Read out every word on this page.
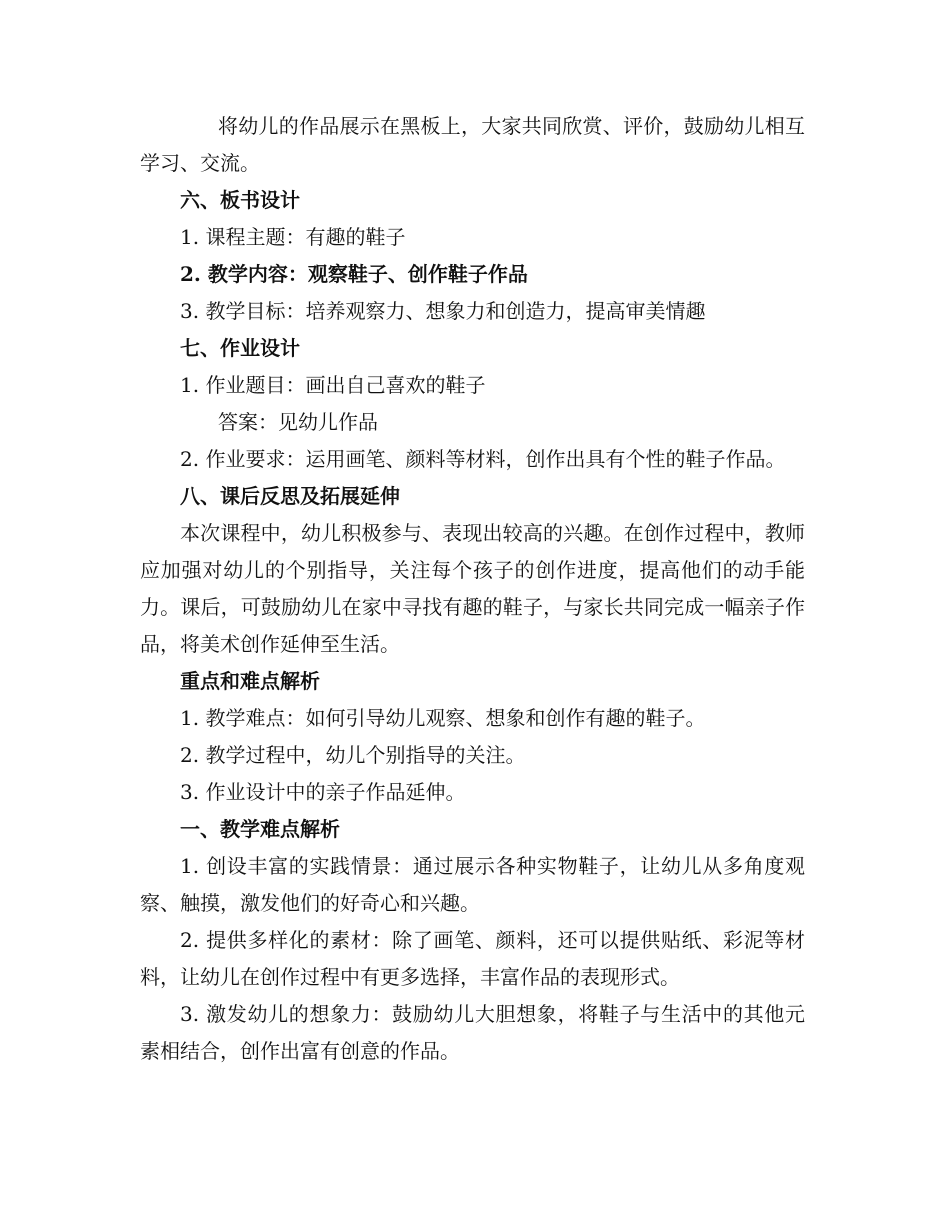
将幼儿的作品展示在黑板上，大家共同欣赏、评价，鼓励幼儿相互学习、交流。

六、板书设计

1. 课程主题：有趣的鞋子

2. 教学内容：观察鞋子、创作鞋子作品

3. 教学目标：培养观察力、想象力和创造力，提高审美情趣

七、作业设计

1. 作业题目：画出自己喜欢的鞋子

答案：见幼儿作品

2. 作业要求：运用画笔、颜料等材料，创作出具有个性的鞋子作品。

八、课后反思及拓展延伸

本次课程中，幼儿积极参与、表现出较高的兴趣。在创作过程中，教师应加强对幼儿的个别指导，关注每个孩子的创作进度，提高他们的动手能力。课后，可鼓励幼儿在家中寻找有趣的鞋子，与家长共同完成一幅亲子作品，将美术创作延伸至生活。

重点和难点解析

1. 教学难点：如何引导幼儿观察、想象和创作有趣的鞋子。

2. 教学过程中，幼儿个别指导的关注。

3. 作业设计中的亲子作品延伸。

一、教学难点解析

1. 创设丰富的实践情景：通过展示各种实物鞋子，让幼儿从多角度观察、触摸，激发他们的好奇心和兴趣。

2. 提供多样化的素材：除了画笔、颜料，还可以提供贴纸、彩泥等材料，让幼儿在创作过程中有更多选择，丰富作品的表现形式。

3. 激发幼儿的想象力：鼓励幼儿大胆想象，将鞋子与生活中的其他元素相结合，创作出富有创意的作品。
